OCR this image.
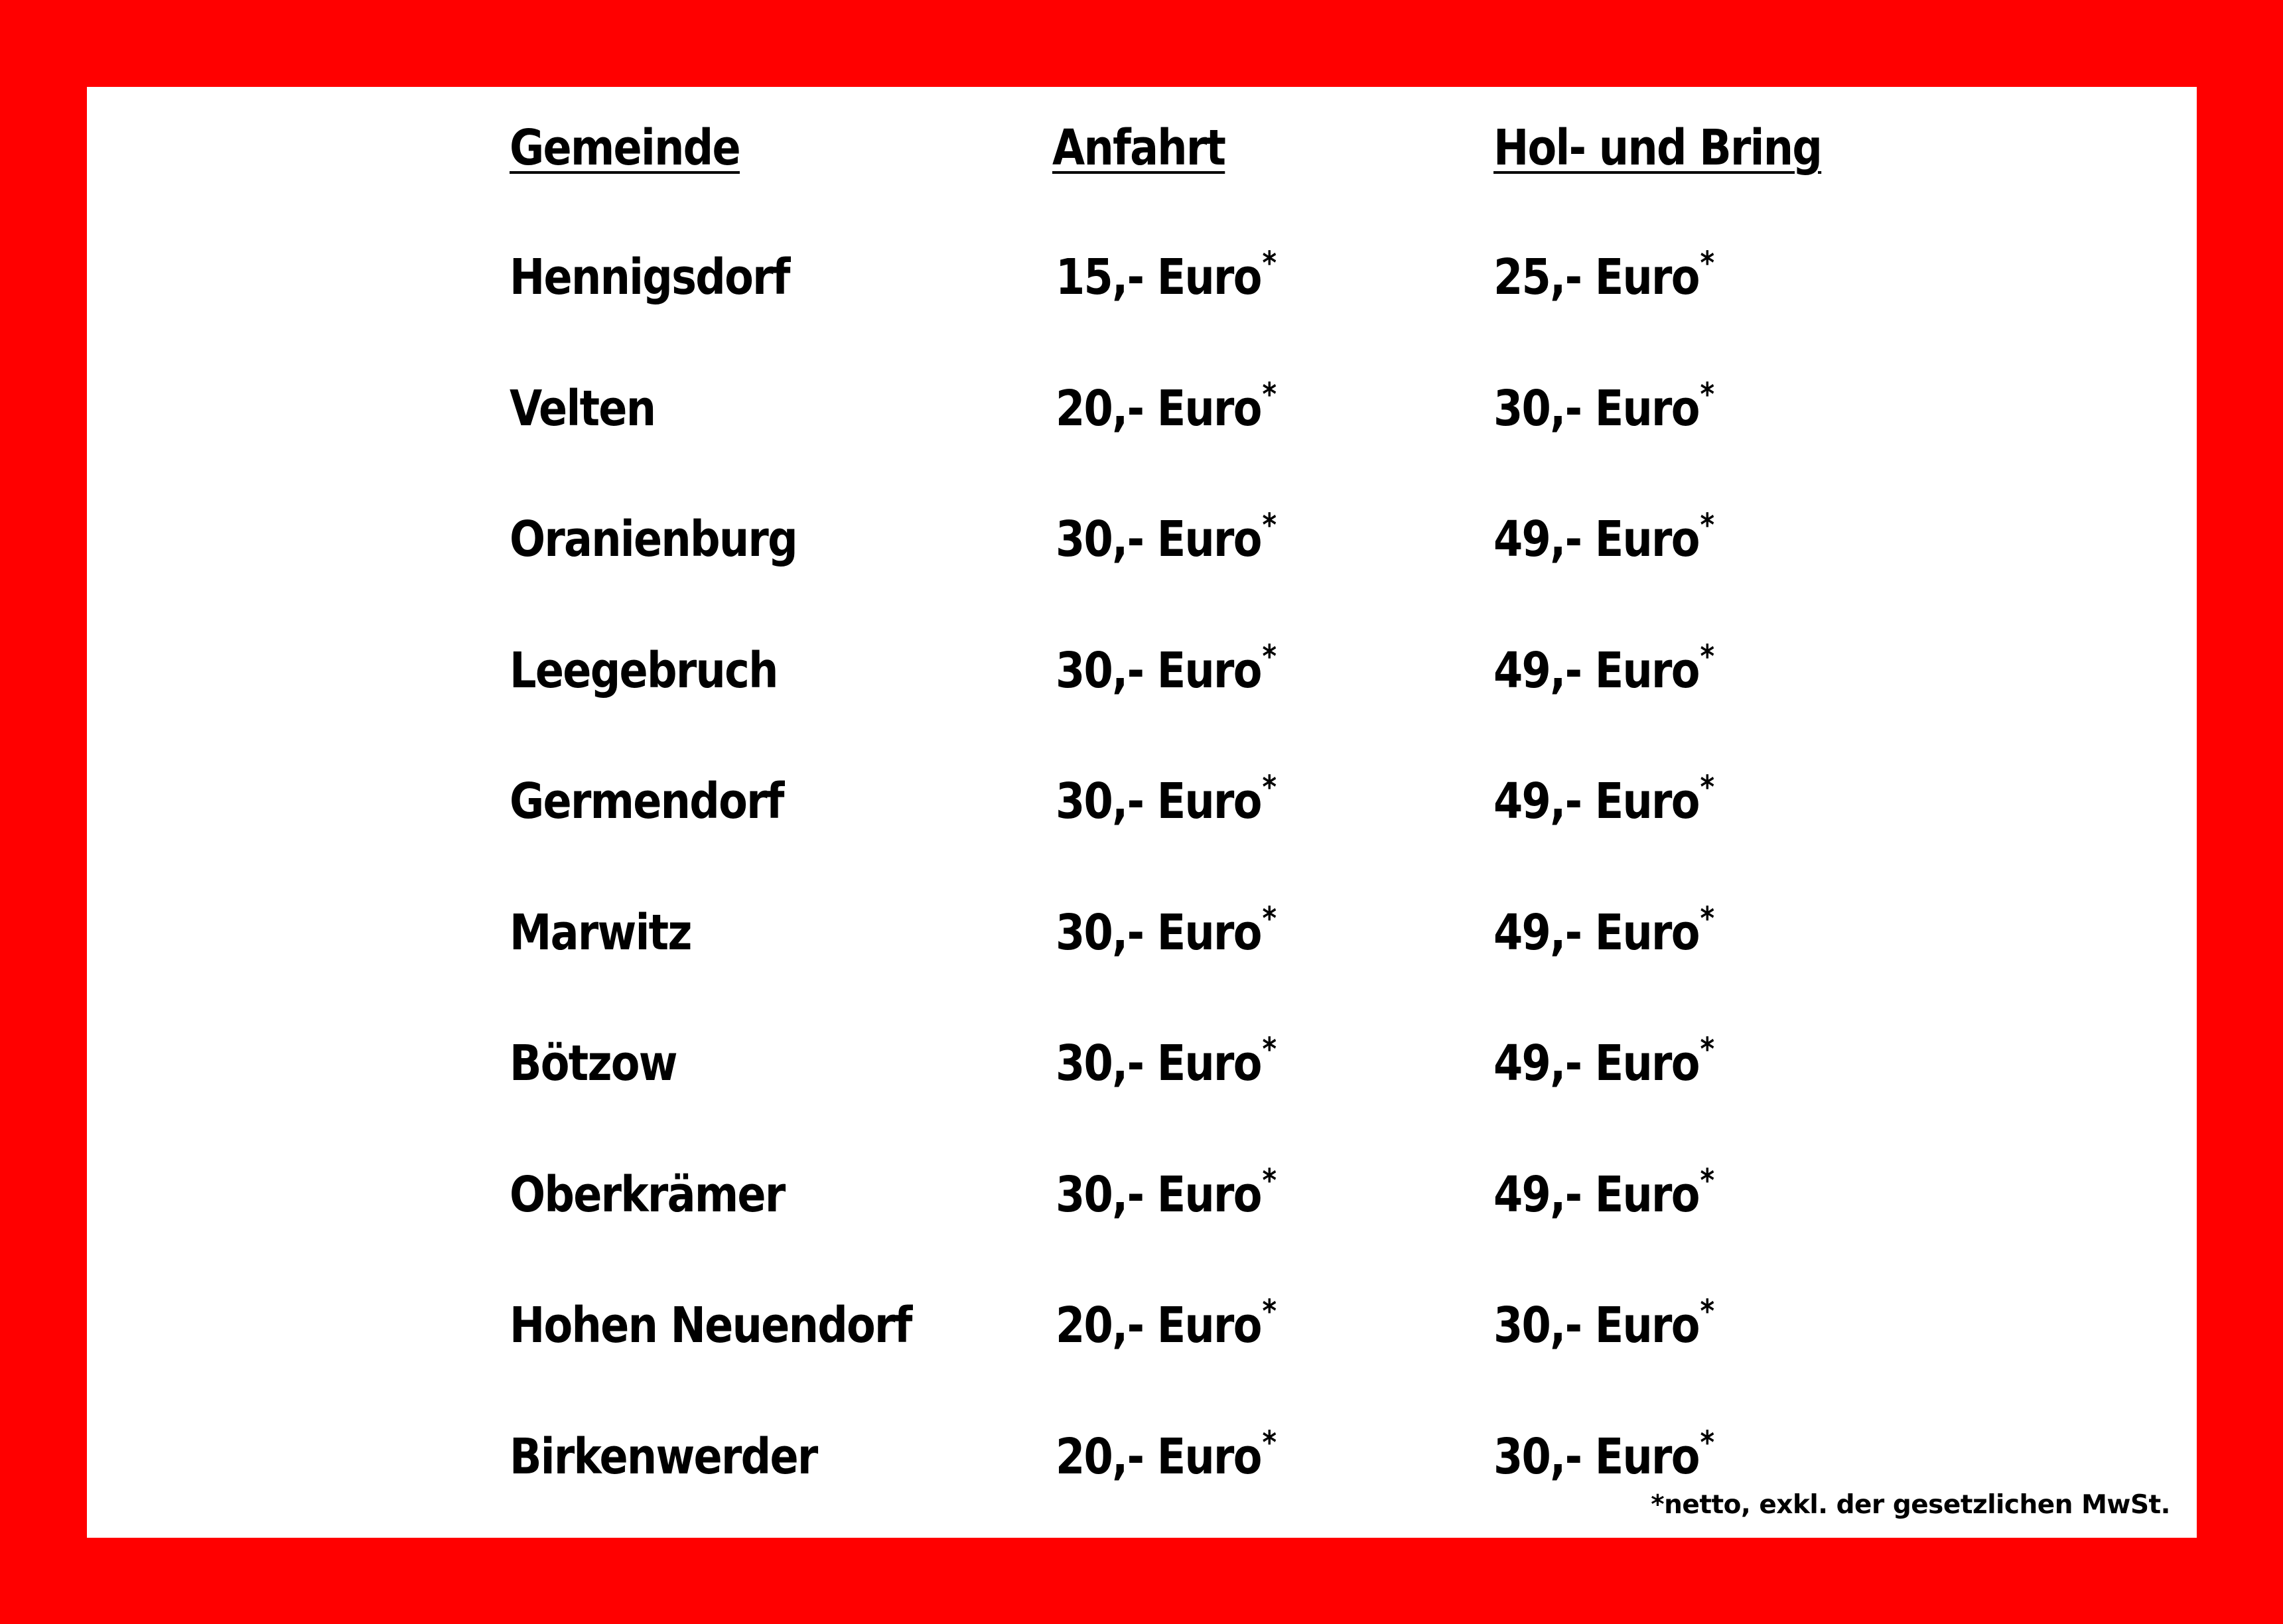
Gemeinde	Anfahrt	Hol- und Bring
Hennigsdorf	15,- Euro*	25,- Euro*
Velten	20,- Euro*	30,- Euro*
Oranienburg	30,- Euro*	49,- Euro*
Leegebruch	30,- Euro*	49,- Euro*
Germendorf	30,- Euro*	49,- Euro*
Marwitz	30,- Euro*	49,- Euro*
Bötzow	30,- Euro*	49,- Euro*
Oberkrämer	30,- Euro*	49,- Euro*
Hohen Neuendorf	20,- Euro*	30,- Euro*
Birkenwerder	20,- Euro*	30,- Euro*
*netto, exkl. der gesetzlichen MwSt.
